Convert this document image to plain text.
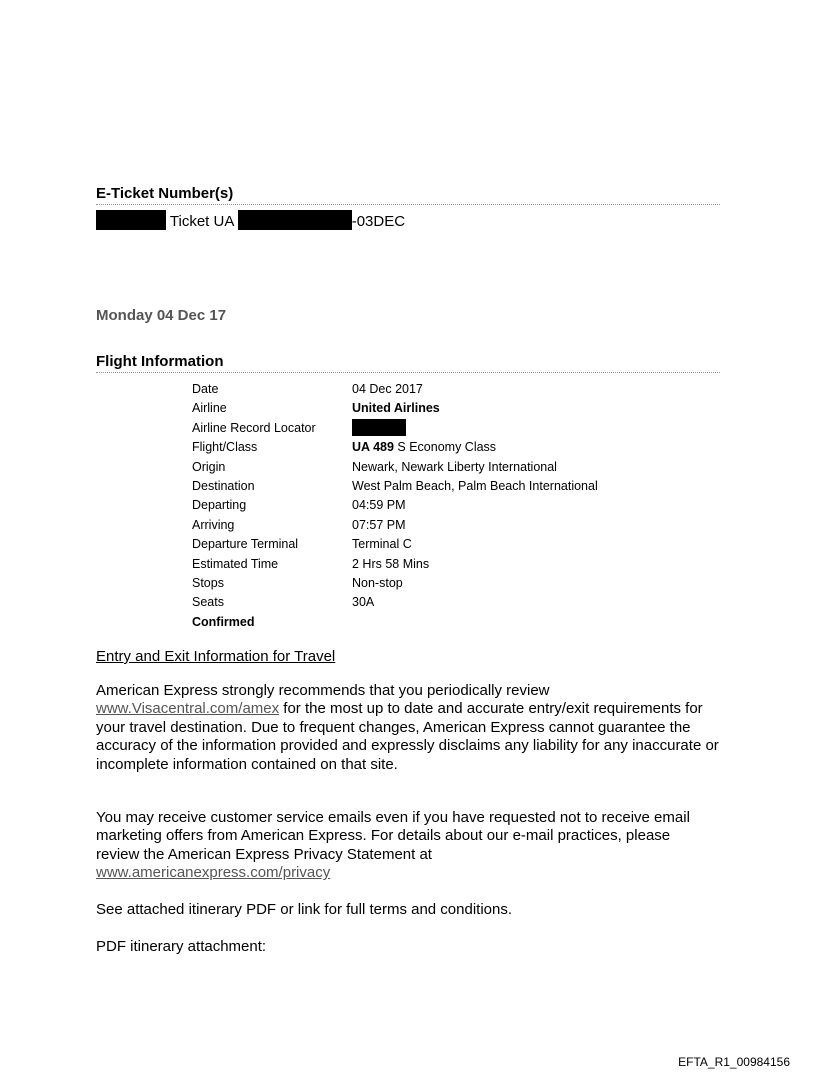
E-Ticket Number(s)
Ticket UA	-03DEC
Monday 04 Dec 17
Flight Information
Date	04 Dec 2017
Airline	United Airlines
Airline Record Locator	
Flight/Class	UA 489 S Economy Class
Origin	Newark, Newark Liberty International
Destination	West Palm Beach, Palm Beach International
Departing	04:59 PM
Arriving	07:57 PM
Departure Terminal	Terminal C
Estimated Time	2 Hrs 58 Mins
Stops	Non-stop
Seats	30A
Confirmed	
Entry and Exit Information for Travel

American Express strongly recommends that you periodically review
www.Visacentral.com/amex for the most up to date and accurate entry/exit requirements for your travel destination. Due to frequent changes, American Express cannot guarantee the accuracy of the information provided and expressly disclaims any liability for any inaccurate or incomplete information contained on that site.

You may receive customer service emails even if you have requested not to receive email marketing offers from American Express. For details about our e-mail practices, please review the American Express Privacy Statement at
www.americanexpress.com/privacy

See attached itinerary PDF or link for full terms and conditions.

PDF itinerary attachment:

EFTA_R1_00984156
